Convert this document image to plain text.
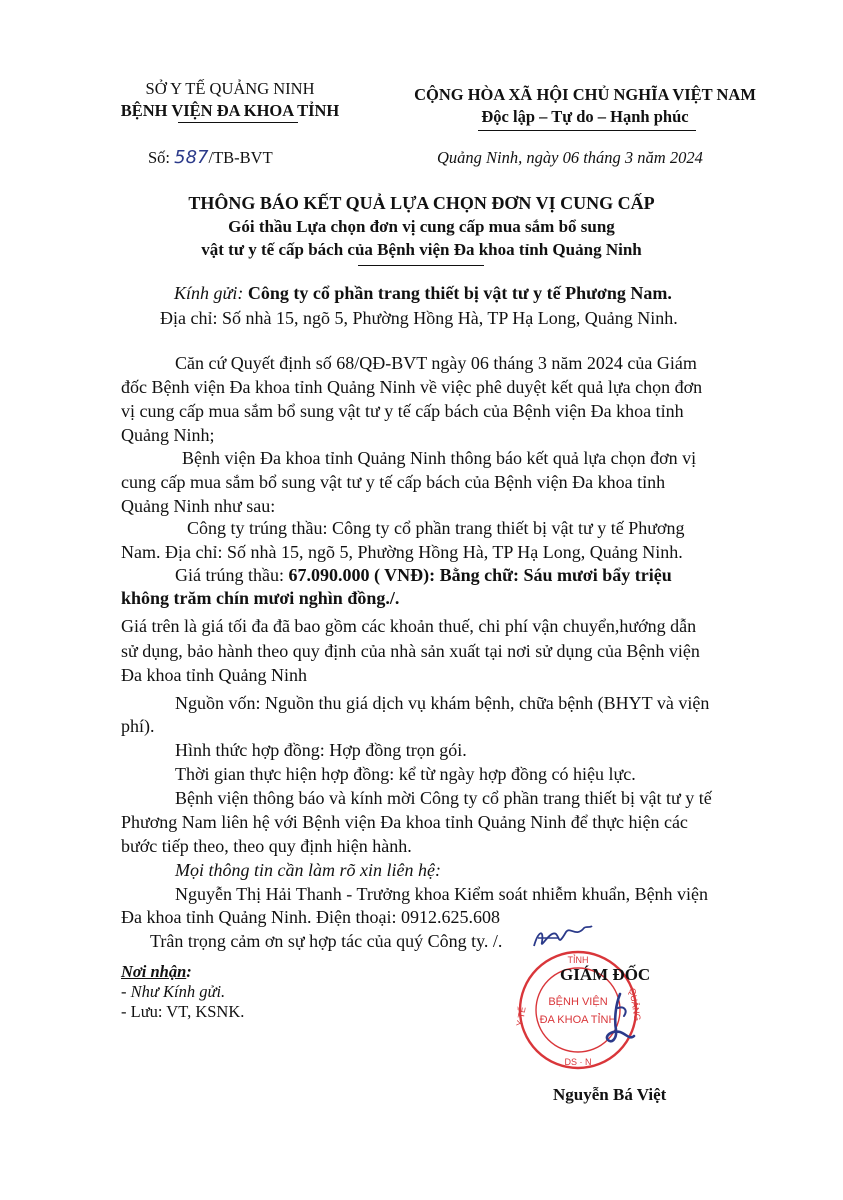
SỞ Y TẾ QUẢNG NINH
BỆNH VIỆN ĐA KHOA TỈNH
CỘNG HÒA XÃ HỘI CHỦ NGHĨA VIỆT NAM
Độc lập – Tự do – Hạnh phúc
Số: 587/TB-BVT	Quảng Ninh, ngày 06 tháng 3 năm 2024
THÔNG BÁO KẾT QUẢ LỰA CHỌN ĐƠN VỊ CUNG CẤP
Gói thầu Lựa chọn đơn vị cung cấp mua sắm bổ sung
vật tư y tế cấp bách của Bệnh viện Đa khoa tỉnh Quảng Ninh
Kính gửi: Công ty cổ phần trang thiết bị vật tư y tế Phương Nam.
Địa chỉ: Số nhà 15, ngõ 5, Phường Hồng Hà, TP Hạ Long, Quảng Ninh.
Căn cứ Quyết định số 68/QĐ-BVT ngày 06 tháng 3 năm 2024 của Giám
đốc Bệnh viện Đa khoa tỉnh Quảng Ninh về việc phê duyệt kết quả lựa chọn đơn
vị cung cấp mua sắm bổ sung vật tư y tế cấp bách của Bệnh viện Đa khoa tỉnh
Quảng Ninh;
Bệnh viện Đa khoa tỉnh Quảng Ninh thông báo kết quả lựa chọn đơn vị
cung cấp mua sắm bổ sung vật tư y tế cấp bách của Bệnh viện Đa khoa tỉnh
Quảng Ninh như sau:
Công ty trúng thầu: Công ty cổ phần trang thiết bị vật tư y tế Phương
Nam. Địa chỉ: Số nhà 15, ngõ 5, Phường Hồng Hà, TP Hạ Long, Quảng Ninh.
Giá trúng thầu: 67.090.000 ( VNĐ): Bằng chữ: Sáu mươi bẩy triệu
không trăm chín mươi nghìn đồng./.
Giá trên là giá tối đa đã bao gồm các khoản thuế, chi phí vận chuyển,hướng dẫn
sử dụng, bảo hành theo quy định của nhà sản xuất tại nơi sử dụng của Bệnh viện
Đa khoa tỉnh Quảng Ninh
Nguồn vốn: Nguồn thu giá dịch vụ khám bệnh, chữa bệnh (BHYT và viện
phí).
Hình thức hợp đồng: Hợp đồng trọn gói.
Thời gian thực hiện hợp đồng: kể từ ngày hợp đồng có hiệu lực.
Bệnh viện thông báo và kính mời Công ty cổ phần trang thiết bị vật tư y tế
Phương Nam liên hệ với Bệnh viện Đa khoa tỉnh Quảng Ninh để thực hiện các
bước tiếp theo, theo quy định hiện hành.
Mọi thông tin cần làm rõ xin liên hệ:
Nguyễn Thị Hải Thanh - Trưởng khoa Kiểm soát nhiễm khuẩn, Bệnh viện
Đa khoa tỉnh Quảng Ninh. Điện thoại: 0912.625.608
Trân trọng cảm ơn sự hợp tác của quý Công ty. /.
Nơi nhận:
- Như Kính gửi.
- Lưu: VT, KSNK.
TỈNH
Y TẾ	QUẢNG
DS · N
BỆNH VIỆN
ĐA KHOA TỈNH
GIÁM ĐỐC
Nguyễn Bá Việt
